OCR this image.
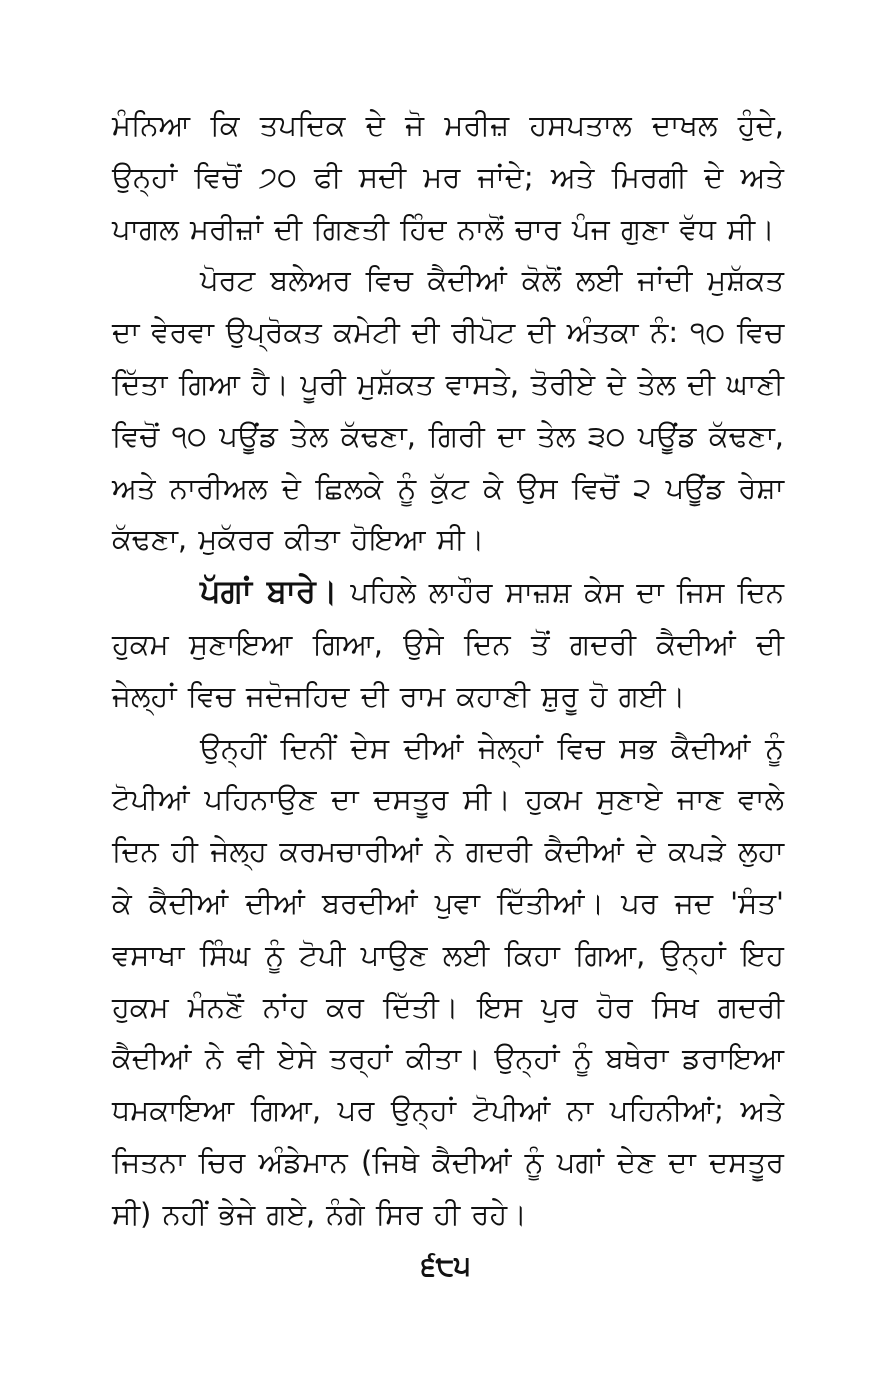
ਮੰਨਿਆ ਕਿ ਤਪਦਿਕ ਦੇ ਜੋ ਮਰੀਜ਼ ਹਸਪਤਾਲ ਦਾਖਲ ਹੁੰਦੇ, ਉਨ੍ਹਾਂ ਵਿਚੋਂ ੭੦ ਫੀ ਸਦੀ ਮਰ ਜਾਂਦੇ; ਅਤੇ ਮਿਰਗੀ ਦੇ ਅਤੇ ਪਾਗਲ ਮਰੀਜ਼ਾਂ ਦੀ ਗਿਣਤੀ ਹਿੰਦ ਨਾਲੋਂ ਚਾਰ ਪੰਜ ਗੁਣਾ ਵੱਧ ਸੀ।

ਪੋਰਟ ਬਲੇਅਰ ਵਿਚ ਕੈਦੀਆਂ ਕੋਲੋਂ ਲਈ ਜਾਂਦੀ ਮੁਸ਼ੱਕਤ ਦਾ ਵੇਰਵਾ ਉਪ੍ਰੋਕਤ ਕਮੇਟੀ ਦੀ ਰੀਪੋਟ ਦੀ ਅੰਤਕਾ ਨੰ: ੧੦ ਵਿਚ ਦਿੱਤਾ ਗਿਆ ਹੈ। ਪੂਰੀ ਮੁਸ਼ੱਕਤ ਵਾਸਤੇ, ਤੋਰੀਏ ਦੇ ਤੇਲ ਦੀ ਘਾਣੀ ਵਿਚੋਂ ੧੦ ਪਊਂਡ ਤੇਲ ਕੱਢਣਾ, ਗਿਰੀ ਦਾ ਤੇਲ ੩੦ ਪਊਂਡ ਕੱਢਣਾ, ਅਤੇ ਨਾਰੀਅਲ ਦੇ ਛਿਲਕੇ ਨੂੰ ਕੁੱਟ ਕੇ ਉਸ ਵਿਚੋਂ ੨ ਪਊਂਡ ਰੇਸ਼ਾ ਕੱਢਣਾ, ਮੁਕੱਰਰ ਕੀਤਾ ਹੋਇਆ ਸੀ।

ਪੱਗਾਂ ਬਾਰੇ। ਪਹਿਲੇ ਲਾਹੌਰ ਸਾਜ਼ਸ਼ ਕੇਸ ਦਾ ਜਿਸ ਦਿਨ ਹੁਕਮ ਸੁਣਾਇਆ ਗਿਆ, ਉਸੇ ਦਿਨ ਤੋਂ ਗਦਰੀ ਕੈਦੀਆਂ ਦੀ ਜੇਲ੍ਹਾਂ ਵਿਚ ਜਦੋਜਹਿਦ ਦੀ ਰਾਮ ਕਹਾਣੀ ਸ਼ੁਰੂ ਹੋ ਗਈ।

ਉਨ੍ਹੀਂ ਦਿਨੀਂ ਦੇਸ ਦੀਆਂ ਜੇਲ੍ਹਾਂ ਵਿਚ ਸਭ ਕੈਦੀਆਂ ਨੂੰ ਟੋਪੀਆਂ ਪਹਿਨਾਉਣ ਦਾ ਦਸਤੂਰ ਸੀ। ਹੁਕਮ ਸੁਣਾਏ ਜਾਣ ਵਾਲੇ ਦਿਨ ਹੀ ਜੇਲ੍ਹ ਕਰਮਚਾਰੀਆਂ ਨੇ ਗਦਰੀ ਕੈਦੀਆਂ ਦੇ ਕਪੜੇ ਲੁਹਾ ਕੇ ਕੈਦੀਆਂ ਦੀਆਂ ਬਰਦੀਆਂ ਪੁਵਾ ਦਿੱਤੀਆਂ। ਪਰ ਜਦ 'ਸੰਤ' ਵਸਾਖਾ ਸਿੰਘ ਨੂੰ ਟੋਪੀ ਪਾਉਣ ਲਈ ਕਿਹਾ ਗਿਆ, ਉਨ੍ਹਾਂ ਇਹ ਹੁਕਮ ਮੰਨਣੋਂ ਨਾਂਹ ਕਰ ਦਿੱਤੀ। ਇਸ ਪੁਰ ਹੋਰ ਸਿਖ ਗਦਰੀ ਕੈਦੀਆਂ ਨੇ ਵੀ ਏਸੇ ਤਰ੍ਹਾਂ ਕੀਤਾ। ਉਨ੍ਹਾਂ ਨੂੰ ਬਥੇਰਾ ਡਰਾਇਆ ਧਮਕਾਇਆ ਗਿਆ, ਪਰ ਉਨ੍ਹਾਂ ਟੋਪੀਆਂ ਨਾ ਪਹਿਨੀਆਂ; ਅਤੇ ਜਿਤਨਾ ਚਿਰ ਅੰਡੇਮਾਨ (ਜਿਥੇ ਕੈਦੀਆਂ ਨੂੰ ਪਗਾਂ ਦੇਣ ਦਾ ਦਸਤੂਰ ਸੀ) ਨਹੀਂ ਭੇਜੇ ਗਏ, ਨੰਗੇ ਸਿਰ ਹੀ ਰਹੇ।

੬੮੫
